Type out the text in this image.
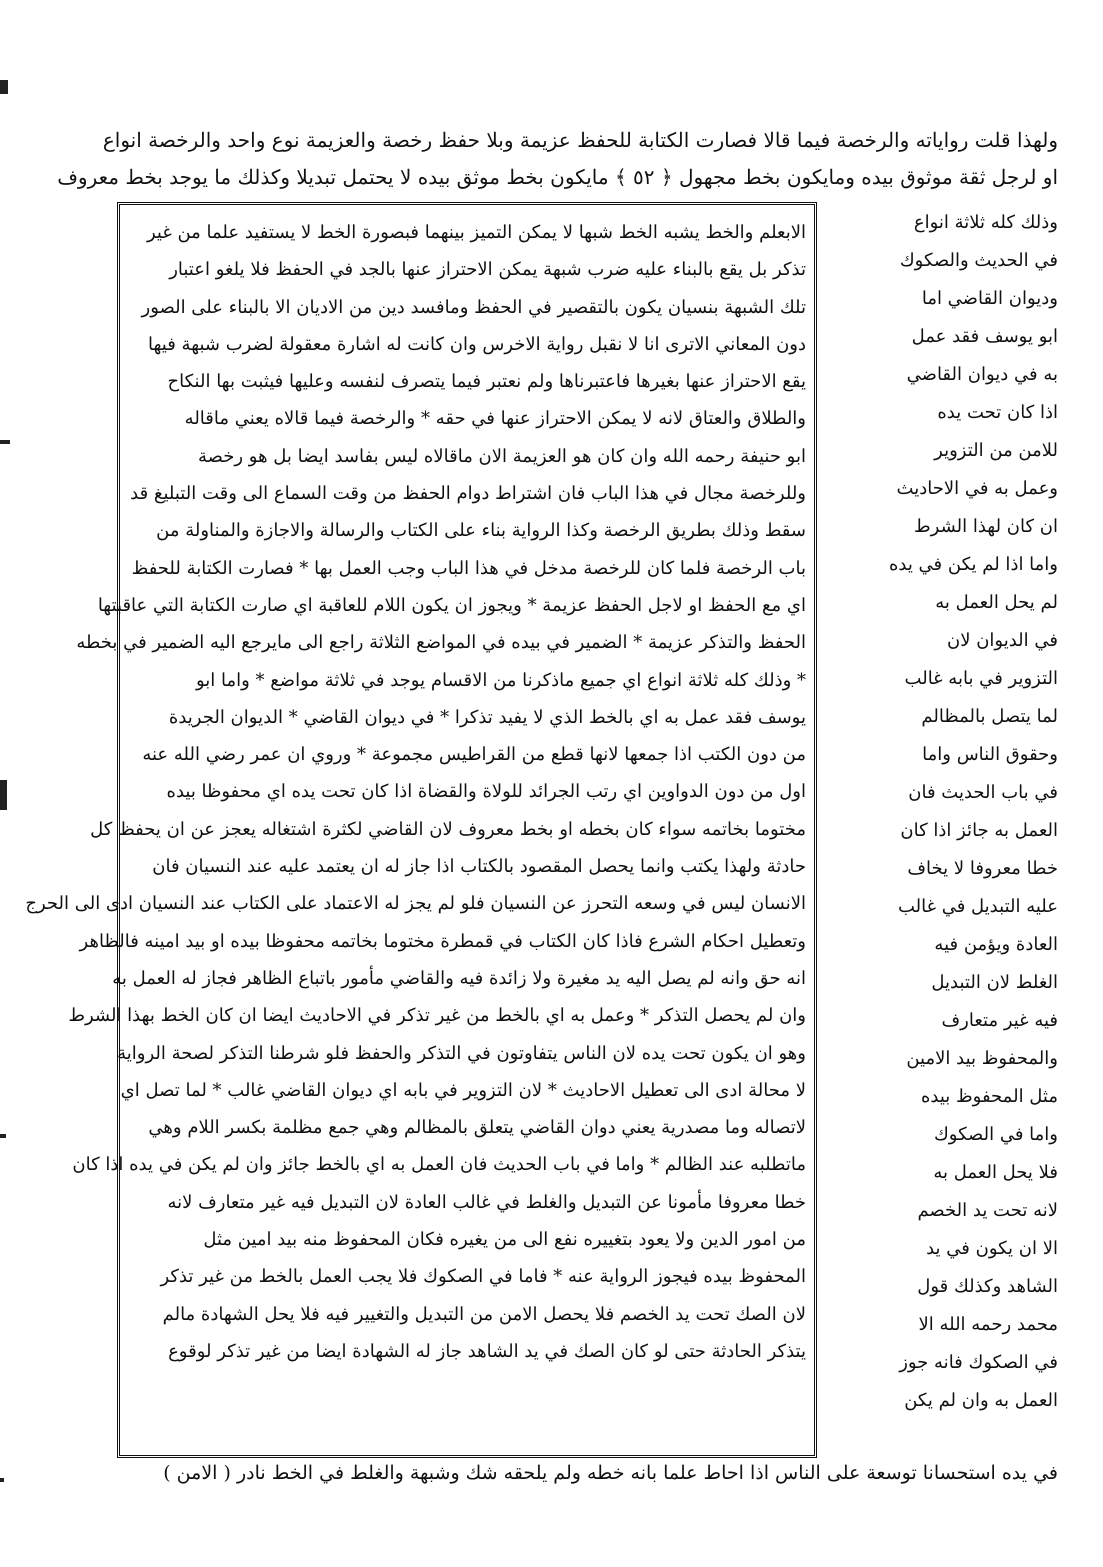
ولهذا قلت رواياته والرخصة فيما قالا فصارت الكتابة للحفظ عزيمة وبلا حفظ رخصة والعزيمة نوع واحد والرخصة انواع
او لرجل ثقة موثوق بيده ومايكون بخط مجهول ﴿ ٥٢ ﴾ مايكون بخط موثق بيده لا يحتمل تبديلا وكذلك ما يوجد بخط معروف

الابعلم والخط يشبه الخط شبها لا يمكن التميز بينهما فبصورة الخط لا يستفيد علما من غير

تذكر بل يقع بالبناء عليه ضرب شبهة يمكن الاحتراز عنها بالجد في الحفظ فلا يلغو اعتبار

تلك الشبهة بنسيان يكون بالتقصير في الحفظ ومافسد دين من الاديان الا بالبناء على الصور

دون المعاني الاترى انا لا نقبل رواية الاخرس وان كانت له اشارة معقولة لضرب شبهة فيها

يقع الاحتراز عنها بغيرها فاعتبرناها ولم نعتبر فيما يتصرف لنفسه وعليها فيثبت بها النكاح

والطلاق والعتاق لانه لا يمكن الاحتراز عنها في حقه * والرخصة فيما قالاه يعني ماقاله

ابو حنيفة رحمه الله وان كان هو العزيمة الان ماقالاه ليس بفاسد ايضا بل هو رخصة

وللرخصة مجال في هذا الباب فان اشتراط دوام الحفظ من وقت السماع الى وقت التبليغ قد

سقط وذلك بطريق الرخصة وكذا الرواية بناء على الكتاب والرسالة والاجازة والمناولة من

باب الرخصة فلما كان للرخصة مدخل في هذا الباب وجب العمل بها * فصارت الكتابة للحفظ

اي مع الحفظ او لاجل الحفظ عزيمة * ويجوز ان يكون اللام للعاقبة اي صارت الكتابة التي عاقبتها

الحفظ والتذكر عزيمة * الضمير في بيده في المواضع الثلاثة راجع الى مايرجع اليه الضمير في بخطه

* وذلك كله ثلاثة انواع اي جميع ماذكرنا من الاقسام يوجد في ثلاثة مواضع * واما ابو

يوسف فقد عمل به اي بالخط الذي لا يفيد تذكرا * في ديوان القاضي * الديوان الجريدة

من دون الكتب اذا جمعها لانها قطع من القراطيس مجموعة * وروي ان عمر رضي الله عنه

اول من دون الدواوين اي رتب الجرائد للولاة والقضاة اذا كان تحت يده اي محفوظا بيده

مختوما بخاتمه سواء كان بخطه او بخط معروف لان القاضي لكثرة اشتغاله يعجز عن ان يحفظ كل

حادثة ولهذا يكتب وانما يحصل المقصود بالكتاب اذا جاز له ان يعتمد عليه عند النسيان فان

الانسان ليس في وسعه التحرز عن النسيان فلو لم يجز له الاعتماد على الكتاب عند النسيان ادى الى الحرج

وتعطيل احكام الشرع فاذا كان الكتاب في قمطرة مختوما بخاتمه محفوظا بيده او بيد امينه فالظاهر

انه حق وانه لم يصل اليه يد مغيرة ولا زائدة فيه والقاضي مأمور باتباع الظاهر فجاز له العمل به

وان لم يحصل التذكر * وعمل به اي بالخط من غير تذكر في الاحاديث ايضا ان كان الخط بهذا الشرط

وهو ان يكون تحت يده لان الناس يتفاوتون في التذكر والحفظ فلو شرطنا التذكر لصحة الرواية

لا محالة ادى الى تعطيل الاحاديث * لان التزوير في بابه اي ديوان القاضي غالب * لما تصل اي

لاتصاله وما مصدرية يعني دوان القاضي يتعلق بالمظالم وهي جمع مظلمة بكسر اللام وهي

ماتطلبه عند الظالم * واما في باب الحديث فان العمل به اي بالخط جائز وان لم يكن في يده اذا كان

خطا معروفا مأمونا عن التبديل والغلط في غالب العادة لان التبديل فيه غير متعارف لانه

من امور الدين ولا يعود بتغييره نفع الى من يغيره فكان المحفوظ منه بيد امين مثل

المحفوظ بيده فيجوز الرواية عنه * فاما في الصكوك فلا يجب العمل بالخط من غير تذكر

لان الصك تحت يد الخصم فلا يحصل الامن من التبديل والتغيير فيه فلا يحل الشهادة مالم

يتذكر الحادثة حتى لو كان الصك في يد الشاهد جاز له الشهادة ايضا من غير تذكر لوقوع

وذلك كله ثلاثة انواع

في الحديث والصكوك

وديوان القاضي اما

ابو يوسف فقد عمل

به في ديوان القاضي

اذا كان تحت يده

للامن من التزوير

وعمل به في الاحاديث

ان كان لهذا الشرط

واما اذا لم يكن في يده

لم يحل العمل به

في الديوان لان

التزوير في بابه غالب

لما يتصل بالمظالم

وحقوق الناس واما

في باب الحديث فان

العمل به جائز اذا كان

خطا معروفا لا يخاف

عليه التبديل في غالب

العادة ويؤمن فيه

الغلط لان التبديل

فيه غير متعارف

والمحفوظ بيد الامين

مثل المحفوظ بيده

واما في الصكوك

فلا يحل العمل به

لانه تحت يد الخصم

الا ان يكون في يد

الشاهد وكذلك قول

محمد رحمه الله الا

في الصكوك فانه جوز

العمل به وان لم يكن

في يده استحسانا توسعة على الناس اذا احاط علما بانه خطه ولم يلحقه شك وشبهة والغلط في الخط نادر ( الامن )
